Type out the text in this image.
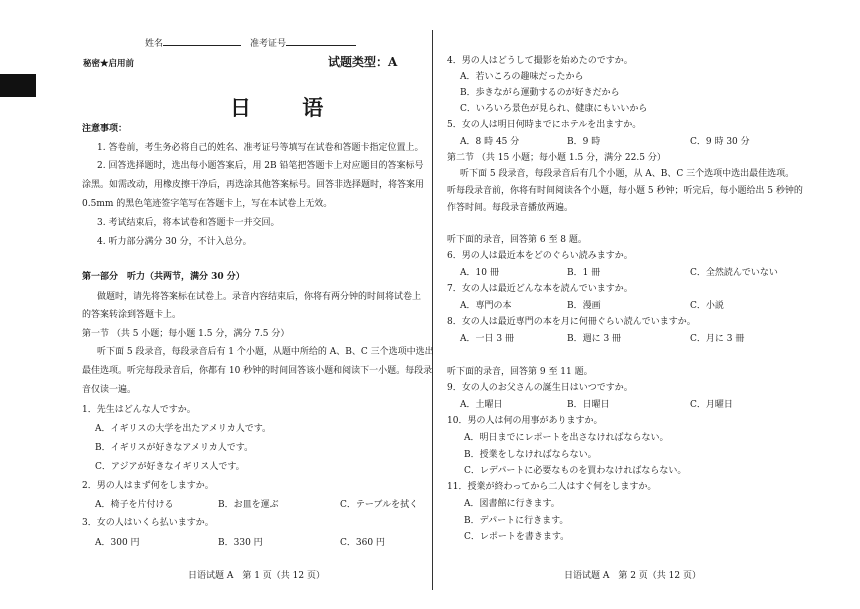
姓名	准考证号
秘密★启用前	试题类型：A
日 语
注意事项：
1. 答卷前，考生务必将自己的姓名、准考证号等填写在试卷和答题卡指定位置上。
2. 回答选择题时，选出每小题答案后，用 2B 铅笔把答题卡上对应题目的答案标号
涂黑。如需改动，用橡皮擦干净后，再选涂其他答案标号。回答非选择题时，将答案用
0.5mm 的黑色笔迹签字笔写在答题卡上，写在本试卷上无效。
3. 考试结束后，将本试卷和答题卡一并交回。
4. 听力部分满分 30 分，不计入总分。
第一部分　听力（共两节，满分 30 分）
做题时，请先将答案标在试卷上。录音内容结束后，你将有两分钟的时间将试卷上
的答案转涂到答题卡上。
第一节 （共 5 小题；每小题 1.5 分，满分 7.5 分）
听下面 5 段录音，每段录音后有 1 个小题，从题中所给的 A、B、C 三个选项中选出
最佳选项。听完每段录音后，你都有 10 秒钟的时间回答该小题和阅读下一小题。每段录
音仅读一遍。
1．先生はどんな人ですか。
A．イギリスの大学を出たアメリカ人です。
B．イギリスが好きなアメリカ人です。
C．アジアが好きなイギリス人です。
2．男の人はまず何をしますか。
A．椅子を片付ける	B．お皿を運ぶ	C．テーブルを拭く
3．女の人はいくら払いますか。
A．300 円	B．330 円	C．360 円
4．男の人はどうして撮影を始めたのですか。
A．若いころの趣味だったから
B．歩きながら運動するのが好きだから
C．いろいろ景色が見られ、健康にもいいから
5．女の人は明日何時までにホテルを出ますか。
A．8 時 45 分	B．9 時	C．9 時 30 分
第二节 （共 15 小题；每小题 1.5 分，满分 22.5 分）
听下面 5 段录音，每段录音后有几个小题，从 A、B、C 三个选项中选出最佳选项。
听每段录音前，你将有时间阅读各个小题，每小题 5 秒钟；听完后，每小题给出 5 秒钟的
作答时间。每段录音播放两遍。
听下面的录音，回答第 6 至 8 题。
6．男の人は最近本をどのぐらい読みますか。
A．10 冊	B．1 冊	C．全然読んでいない
7．女の人は最近どんな本を読んでいますか。
A．専門の本	B．漫画	C．小説
8．女の人は最近専門の本を月に何冊ぐらい読んでいますか。
A．一日 3 冊	B．週に 3 冊	C．月に 3 冊
听下面的录音，回答第 9 至 11 题。
9．女の人のお父さんの誕生日はいつですか。
A．土曜日	B．日曜日	C．月曜日
10．男の人は何の用事がありますか。
A．明日までにレポートを出さなければならない。
B．授業をしなければならない。
C．レデパートに必要なものを買わなければならない。
11．授業が終わってから二人はすぐ何をしますか。
A．図書館に行きます。
B．デパートに行きます。
C．レポートを書きます。
日语试题 A　第 1 页（共 12 页）	日语试题 A　第 2 页（共 12 页）
